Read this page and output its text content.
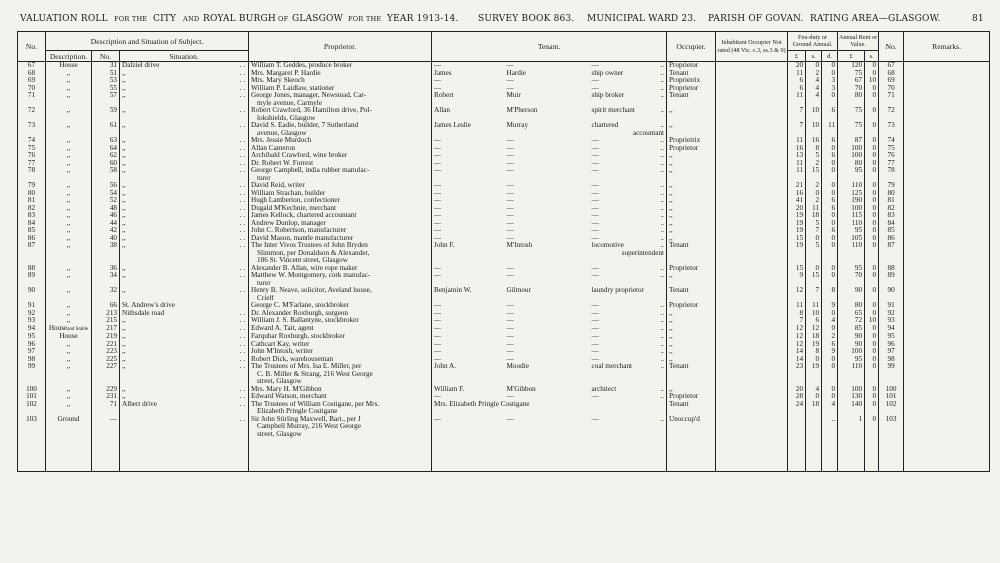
VALUATION ROLL FOR THE CITY AND ROYAL BURGH OF GLASGOW FOR THE YEAR 1913-14. SURVEY BOOK 863. MUNICIPAL WARD 23. PARISH OF GOVAN. RATING AREA—GLASGOW.	81
No.	Description and Situation of Subject.			Proprietor.	Tenant.			Occupier.	Inhabitant Occupier Not rated (48 Vic. c.3, ss.3 & 9)	Feu-duty or Ground Annual.			Annual Rent or Value.		No.	Remarks.
	Description.	No.	Situation.													
										£	s.	d.	£	s.		
67	House	31	Dalziel drive . .	William T. Geddes, produce broker	—	—	— ..	Proprietor		20	0	0	120	0	67	
68	,,	51	,, . .	Mrs. Margaret P. Hardie	James	Hardie	ship owner ..	Tenant		11	2	0	75	0	68	
69	,,	53	,, . .	Mrs. Mary Skeoch	—	—	— ..	Proprietrix		6	4	3	67	10	69	
70	,,	55	,, . .	William P. Laidlaw, stationer	—	—	— ..	Proprietor		6	4	3	70	0	70	
71	,,	57	,, . .	George Jones, manager, Newstead, Car-	Robert	Muir	ship broker ..	Tenant		11	4	0	80	0	71	
				myle avenue, Carmyle												
72	,,	59	,, . .	Robert Crawford, 36 Hamilton drive, Pol-	Allan	M'Pherson	spirit merchant ..	,,		7	10	6	75	0	72	
				lokshields, Glasgow												
73	,,	61	,, . .	David S. Eadie, builder, 7 Sutherland	James Leslie	Murray	chartered ..	,,		7	10	11	75	0	73	
				avenue, Glasgow			accountant									
74	,,	63	,, . .	Mrs. Jessie Murdoch	—	—	— ..	Proprietrix		11	16	6	87	0	74	
75	,,	64	,, . .	Allan Cameron	—	—	— ..	Proprietor		16	8	0	100	0	75	
76	,,	62	,, . .	Archibald Crawford, wine broker	—	—	— ..	,,		13	5	6	100	0	76	
77	,,	60	,, . .	Dr. Robert W. Forrest	—	—	— ..	,,		11	2	0	80	0	77	
78	,,	58	,, . .	George Campbell, india rubber manufac-	—	—	— ..	,,		11	15	0	95	0	78	
				turer												
79	,,	56	,, . .	David Reid, writer	—	—	— ..	,,		21	2	0	110	0	79	
80	,,	54	,, . .	William Strachan, builder	—	—	— ..	,,		16	0	0	125	0	80	
81	,,	52	,, . .	Hugh Lamberton, confectioner	—	—	— ..	,,		41	2	6	190	0	81	
82	,,	48	,, . .	Dugald M'Kechnie, merchant	—	—	— ..	,,		20	11	6	100	0	82	
83	,,	46	,, . .	James Kellock, chartered accountant	—	—	— ..	,,		19	18	0	115	0	83	
84	,,	44	,, . .	Andrew Dunlop, manager	—	—	— ..	,,		19	5	0	110	0	84	
85	,,	42	,, . .	John C. Robertson, manufacturer	—	—	— ..	,,		19	7	6	95	0	85	
86	,,	40	,, . .	David Mason, mantle manufacturer	—	—	— ..	,,		15	0	0	105	0	86	
87	,,	38	,, . .	The Inter Vivos Trustees of John Bryden	John F.	M'Intosh	locomotive ..	Tenant		19	5	0	110	0	87	
				Slimmon, per Donaldson & Alexander,			superintendent									
				186 St. Vincent street, Glasgow												
88	,,	36	,, . .	Alexander B. Allan, wire rope maker	—	—	— ..	Proprietor		15	0	0	95	0	88	
89	,,	34	,, . .	Matthew W. Montgomery, cork manufac-	—	—	— ..	,,		9	15	0	70	0	89	
				turer												
90	,,	32	,, . .	Henry B. Neave, solicitor, Aveland house,	Benjamin W.	Gilmour	laundry proprietor	Tenant		12	7	8	90	0	90	
				Crieff												
91	,,	66	St. Andrew's drive	George C. M'Farlane, stockbroker	—	—	— ..	Proprietor		11	11	9	80	0	91	
92	,,	213	Nithsdale road . .	Dr. Alexander Roxburgh, surgeon	—	—	— ..	,,		8	10	0	65	0	92	
93	,,	215	,, . .	William J. S. Ballantyne, stockbroker	—	—	— ..	,,		7	6	4	72	10	93	
94	Houseand Stable	217	,, . .	Edward A. Tait, agent	—	—	— ..	,,		12	12	0	85	0	94	
95	House	219	,, . .	Farquhar Roxburgh, stockbroker	—	—	— ..	,,		12	18	2	90	0	95	
96	,,	221	,, . .	Cathcart Kay, writer	—	—	— ..	,,		12	19	6	90	0	96	
97	,,	223	,, . .	John M'Intosh, writer	—	—	— ..	,,		14	8	9	100	0	97	
98	,,	225	,, . .	Robert Dick, warehouseman	—	—	— ..	,,		14	0	0	95	0	98	
99	,,	227	,, . .	The Trustees of Mrs. Isa E. Miller, per	John A.	Moodie	coal merchant ..	Tenant		23	19	0	110	0	99	
				C. B. Miller & Strang, 216 West George												
				street, Glasgow												
100	,,	229	,, . .	Mrs. Mary H. M'Gibbon	William F.	M'Gibbon	architect ..	,,		20	4	0	100	0	100	
101	,,	231	,, . .	Edward Watson, merchant	—	—	— ..	Proprietor		28	0	0	130	0	101	
102	,,	71	Albert drive . .	The Trustees of William Costigane, per Mrs.	Mrs. Elizabeth Pringle Costigane			Tenant		24	18	4	140	0	102	
				Elizabeth Pringle Costigane												
103	Ground	—	. .	Sir John Stirling Maxwell, Bart., per J	—	—	— ..	Unoccup'd				..	1	0	103	
				Campbell Murray, 216 West George												
				street, Glasgow												
